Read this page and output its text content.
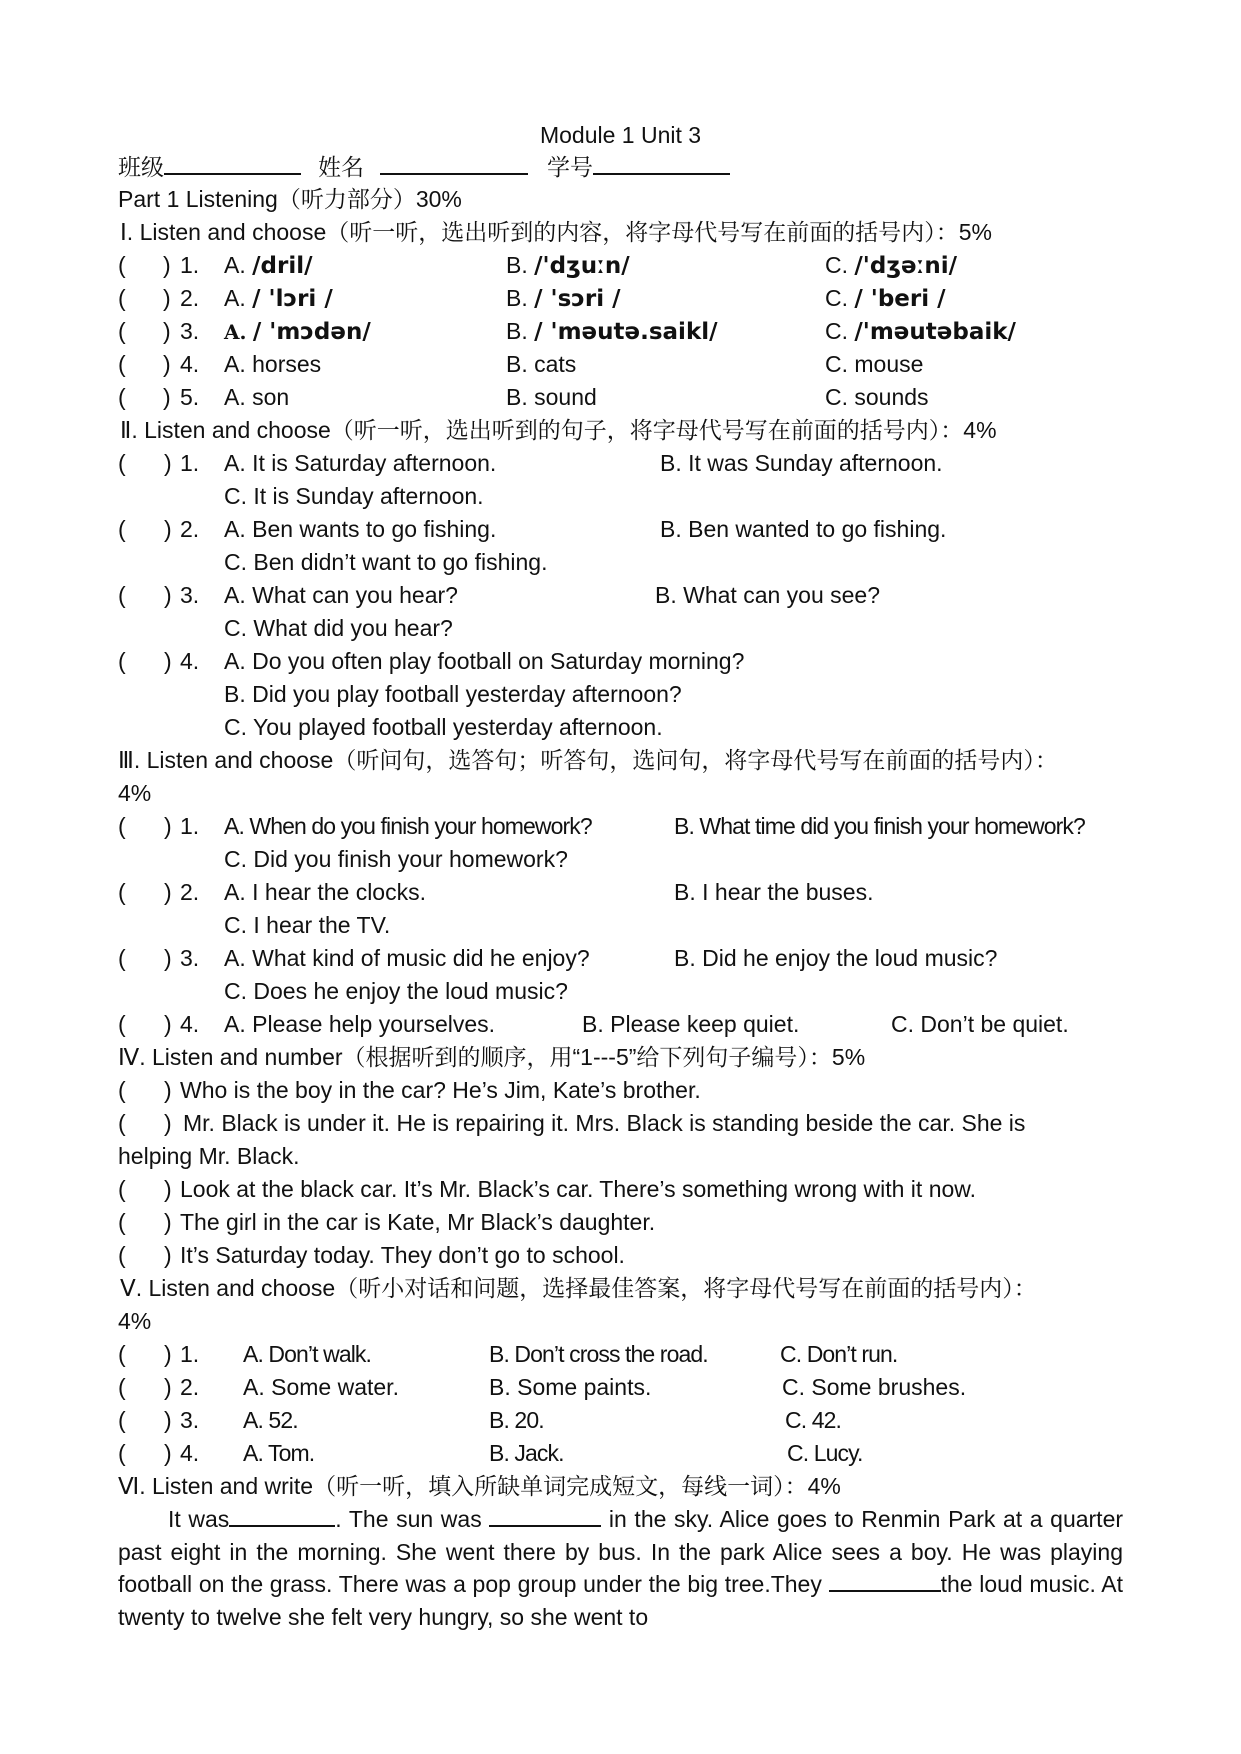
Module 1 Unit 3
班级	姓名	学号
Part 1 Listening（听力部分）30%
Ⅰ. Listen and choose（听一听，选出听到的内容，将字母代号写在前面的括号内）：5%
( ) 1. A. /dril/	B. /'dʒuːn/	C. /'dʒəːni/
( ) 2. A. / 'lɔri /	B. / 'sɔri /	C. / 'beri /
( ) 3. A. / 'mɔdən/	B. / 'məutə.saikl/	C. /'məutəbaik/
( ) 4. A. horses	B. cats	C. mouse
( ) 5. A. son	B. sound	C. sounds
Ⅱ. Listen and choose（听一听，选出听到的句子，将字母代号写在前面的括号内）：4%
(      ) 1. A. It is Saturday afternoon.	B. It was Sunday afternoon.
C. It is Sunday afternoon.
(      ) 2. A. Ben wants to go fishing.	B. Ben wanted to go fishing.
C. Ben didn’t want to go fishing.
(      ) 3. A. What can you hear?	B. What can you see?
C. What did you hear?
(      ) 4. A. Do you often play football on Saturday morning?
B. Did you play football yesterday afternoon?
C. You played football yesterday afternoon.
Ⅲ. Listen and choose（听问句，选答句；听答句，选问句，将字母代号写在前面的括号内）：
4%
(      ) 1. A. When do you finish your homework?	B. What time did you finish your homework?
C. Did you finish your homework?
(      ) 2. A. I hear the clocks.	B. I hear the buses.
C. I hear the TV.
(      ) 3. A. What kind of music did he enjoy?	B. Did he enjoy the loud music?
C. Does he enjoy the loud music?
(      ) 4. A. Please help yourselves.	B. Please keep quiet.	C. Don’t be quiet.
Ⅳ. Listen and number（根据听到的顺序，用“1---5”给下列句子编号）：5%
(      ) Who is the boy in the car? He’s Jim, Kate’s brother.
(      ) Mr. Black is under it. He is repairing it. Mrs. Black is standing beside the car. She is
helping Mr. Black.
(      ) Look at the black car. It’s Mr. Black’s car. There’s something wrong with it now.
(      ) The girl in the car is Kate, Mr Black’s daughter.
(      ) It’s Saturday today. They don’t go to school.
Ⅴ. Listen and choose（听小对话和问题，选择最佳答案，将字母代号写在前面的括号内）：
4%
(      ) 1. A. Don’t walk.	B. Don’t cross the road.	C. Don’t run.
(      ) 2. A. Some water.	B. Some paints.	C. Some brushes.
(      ) 3. A. 52.	B. 20.	C. 42.
(      ) 4. A. Tom.	B. Jack.	C. Lucy.
Ⅵ. Listen and write（听一听，填入所缺单词完成短文，每线一词）：4%
It was	. The sun was	in the sky. Alice goes to Renmin Park at a quarter past eight in the morning. She went there by bus. In the park Alice sees a boy. He was playing football on the grass. There was a pop group under the big tree.They	the loud music. At twenty to twelve she felt very hungry, so she went to
